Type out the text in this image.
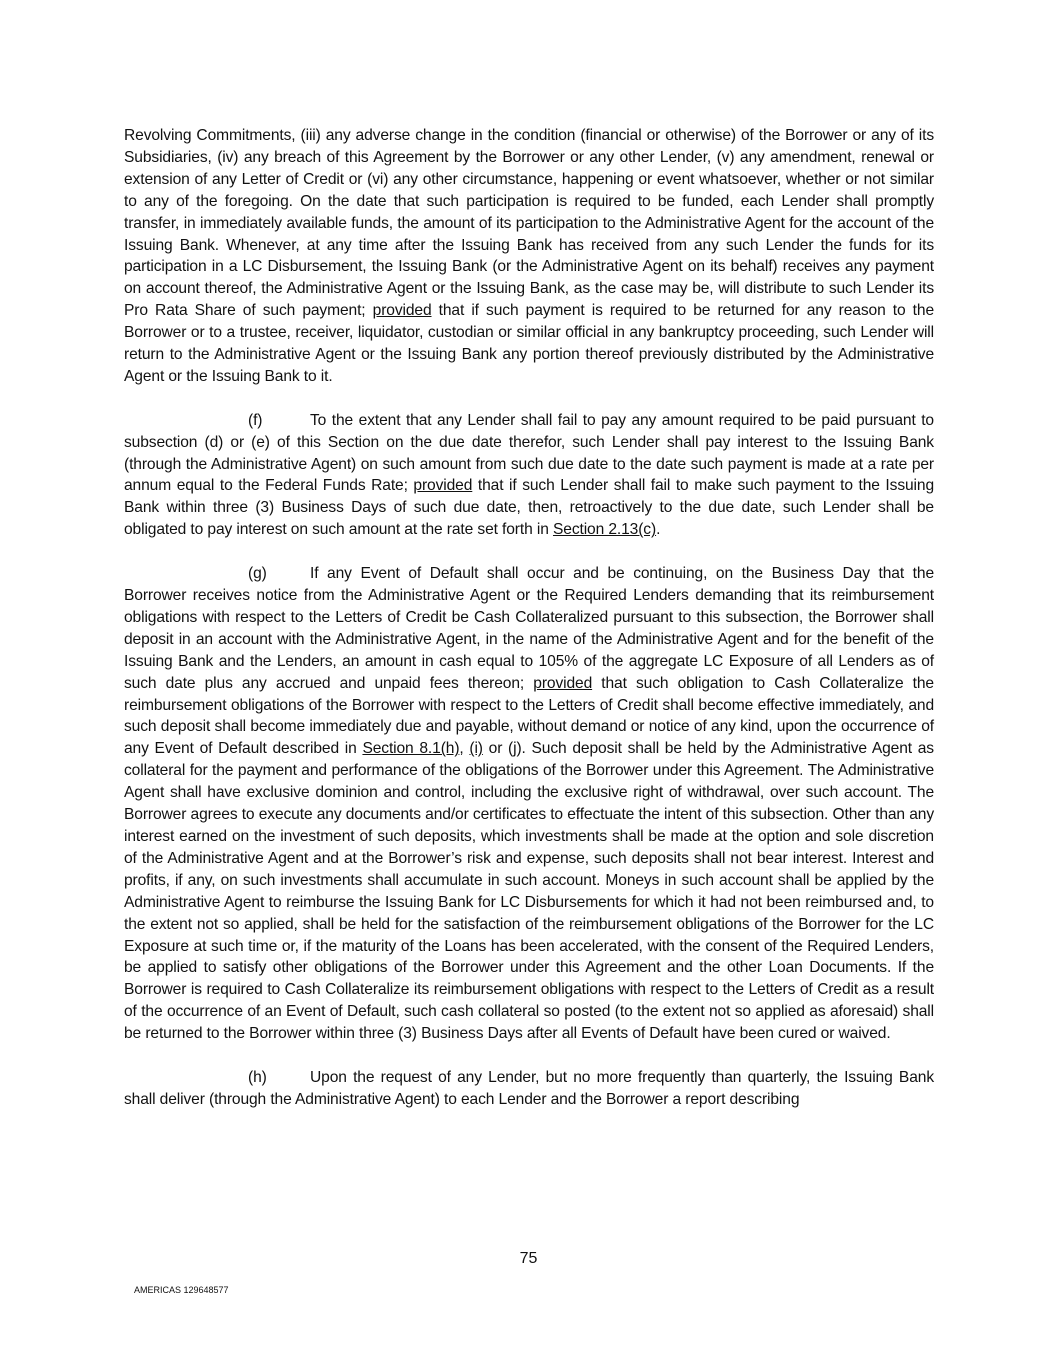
Revolving Commitments, (iii) any adverse change in the condition (financial or otherwise) of the Borrower or any of its Subsidiaries, (iv) any breach of this Agreement by the Borrower or any other Lender, (v) any amendment, renewal or extension of any Letter of Credit or (vi) any other circumstance, happening or event whatsoever, whether or not similar to any of the foregoing. On the date that such participation is required to be funded, each Lender shall promptly transfer, in immediately available funds, the amount of its participation to the Administrative Agent for the account of the Issuing Bank. Whenever, at any time after the Issuing Bank has received from any such Lender the funds for its participation in a LC Disbursement, the Issuing Bank (or the Administrative Agent on its behalf) receives any payment on account thereof, the Administrative Agent or the Issuing Bank, as the case may be, will distribute to such Lender its Pro Rata Share of such payment; provided that if such payment is required to be returned for any reason to the Borrower or to a trustee, receiver, liquidator, custodian or similar official in any bankruptcy proceeding, such Lender will return to the Administrative Agent or the Issuing Bank any portion thereof previously distributed by the Administrative Agent or the Issuing Bank to it.

(f)	To the extent that any Lender shall fail to pay any amount required to be paid pursuant to subsection (d) or (e) of this Section on the due date therefor, such Lender shall pay interest to the Issuing Bank (through the Administrative Agent) on such amount from such due date to the date such payment is made at a rate per annum equal to the Federal Funds Rate; provided that if such Lender shall fail to make such payment to the Issuing Bank within three (3) Business Days of such due date, then, retroactively to the due date, such Lender shall be obligated to pay interest on such amount at the rate set forth in Section 2.13(c).

(g)	If any Event of Default shall occur and be continuing, on the Business Day that the Borrower receives notice from the Administrative Agent or the Required Lenders demanding that its reimbursement obligations with respect to the Letters of Credit be Cash Collateralized pursuant to this subsection, the Borrower shall deposit in an account with the Administrative Agent, in the name of the Administrative Agent and for the benefit of the Issuing Bank and the Lenders, an amount in cash equal to 105% of the aggregate LC Exposure of all Lenders as of such date plus any accrued and unpaid fees thereon; provided that such obligation to Cash Collateralize the reimbursement obligations of the Borrower with respect to the Letters of Credit shall become effective immediately, and such deposit shall become immediately due and payable, without demand or notice of any kind, upon the occurrence of any Event of Default described in Section 8.1(h), (i) or (j). Such deposit shall be held by the Administrative Agent as collateral for the payment and performance of the obligations of the Borrower under this Agreement. The Administrative Agent shall have exclusive dominion and control, including the exclusive right of withdrawal, over such account. The Borrower agrees to execute any documents and/or certificates to effectuate the intent of this subsection. Other than any interest earned on the investment of such deposits, which investments shall be made at the option and sole discretion of the Administrative Agent and at the Borrower’s risk and expense, such deposits shall not bear interest. Interest and profits, if any, on such investments shall accumulate in such account. Moneys in such account shall be applied by the Administrative Agent to reimburse the Issuing Bank for LC Disbursements for which it had not been reimbursed and, to the extent not so applied, shall be held for the satisfaction of the reimbursement obligations of the Borrower for the LC Exposure at such time or, if the maturity of the Loans has been accelerated, with the consent of the Required Lenders, be applied to satisfy other obligations of the Borrower under this Agreement and the other Loan Documents. If the Borrower is required to Cash Collateralize its reimbursement obligations with respect to the Letters of Credit as a result of the occurrence of an Event of Default, such cash collateral so posted (to the extent not so applied as aforesaid) shall be returned to the Borrower within three (3) Business Days after all Events of Default have been cured or waived.

(h)	Upon the request of any Lender, but no more frequently than quarterly, the Issuing Bank shall deliver (through the Administrative Agent) to each Lender and the Borrower a report describing

75
AMERICAS 129648577
